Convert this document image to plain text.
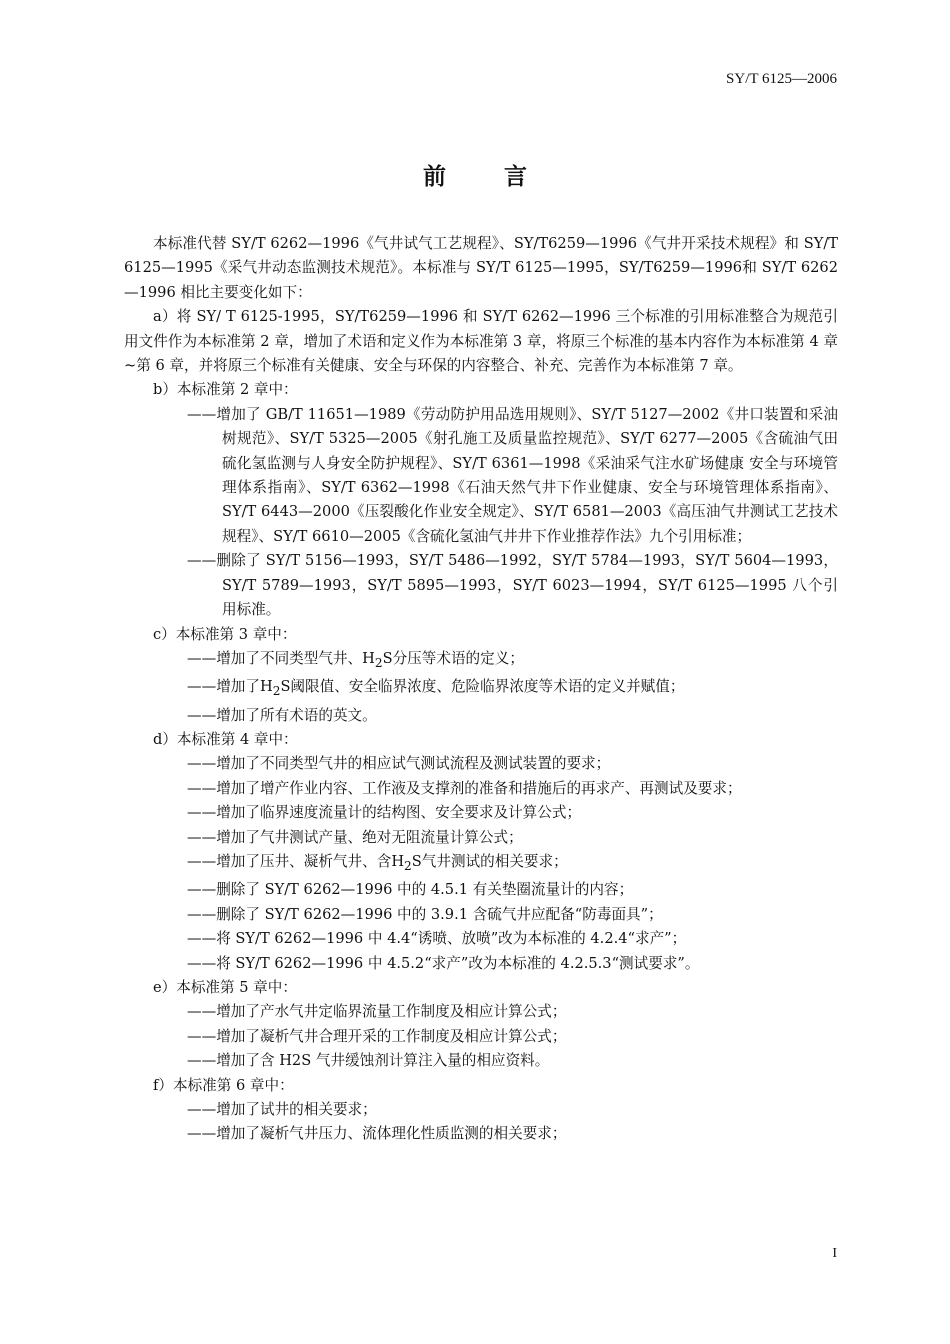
SY/T 6125—2006
前言

本标准代替 SY/T 6262—1996《气井试气工艺规程》、SY/T6259—1996《气井开采技术规程》和 SY/T 6125—1995《采气井动态监测技术规范》。本标准与 SY/T 6125—1995，SY/T6259—1996和 SY/T 6262—1996 相比主要变化如下：

a）将 SY/ T 6125-1995，SY/T6259—1996 和 SY/T 6262—1996 三个标准的引用标准整合为规范引用文件作为本标准第 2 章，增加了术语和定义作为本标准第 3 章，将原三个标准的基本内容作为本标准第 4 章~第 6 章，并将原三个标准有关健康、安全与环保的内容整合、补充、完善作为本标准第 7 章。

b）本标准第 2 章中：

——增加了 GB/T 11651—1989《劳动防护用品选用规则》、SY/T 5127—2002《井口装置和采油树规范》、SY/T 5325—2005《射孔施工及质量监控规范》、SY/T 6277—2005《含硫油气田硫化氢监测与人身安全防护规程》、SY/T 6361—1998《采油采气注水矿场健康 安全与环境管理体系指南》、SY/T 6362—1998《石油天然气井下作业健康、安全与环境管理体系指南》、SY/T 6443—2000《压裂酸化作业安全规定》、SY/T 6581—2003《高压油气井测试工艺技术规程》、SY/T 6610—2005《含硫化氢油气井井下作业推荐作法》九个引用标准；

——删除了 SY/T 5156—1993，SY/T 5486—1992，SY/T 5784—1993，SY/T 5604—1993，SY/T 5789—1993，SY/T 5895—1993，SY/T 6023—1994，SY/T 6125—1995 八个引用标准。

c）本标准第 3 章中：

——增加了不同类型气井、$H_2S$分压等术语的定义；

——增加了$H_2S$阈限值、安全临界浓度、危险临界浓度等术语的定义并赋值；

——增加了所有术语的英文。

d）本标准第 4 章中：

——增加了不同类型气井的相应试气测试流程及测试装置的要求；

——增加了增产作业内容、工作液及支撑剂的准备和措施后的再求产、再测试及要求；

——增加了临界速度流量计的结构图、安全要求及计算公式；

——增加了气井测试产量、绝对无阻流量计算公式；

——增加了压井、凝析气井、含$H_2S$气井测试的相关要求；

——删除了 SY/T 6262—1996 中的 4.5.1 有关垫圈流量计的内容；

——删除了 SY/T 6262—1996 中的 3.9.1 含硫气井应配备“防毒面具”；

——将 SY/T 6262—1996 中 4.4“诱喷、放喷”改为本标准的 4.2.4“求产”；

——将 SY/T 6262—1996 中 4.5.2“求产”改为本标准的 4.2.5.3“测试要求”。

e）本标准第 5 章中：

——增加了产水气井定临界流量工作制度及相应计算公式；

——增加了凝析气井合理开采的工作制度及相应计算公式；

——增加了含 H2S 气井缓蚀剂计算注入量的相应资料。

f）本标准第 6 章中：

——增加了试井的相关要求；

——增加了凝析气井压力、流体理化性质监测的相关要求；

I
